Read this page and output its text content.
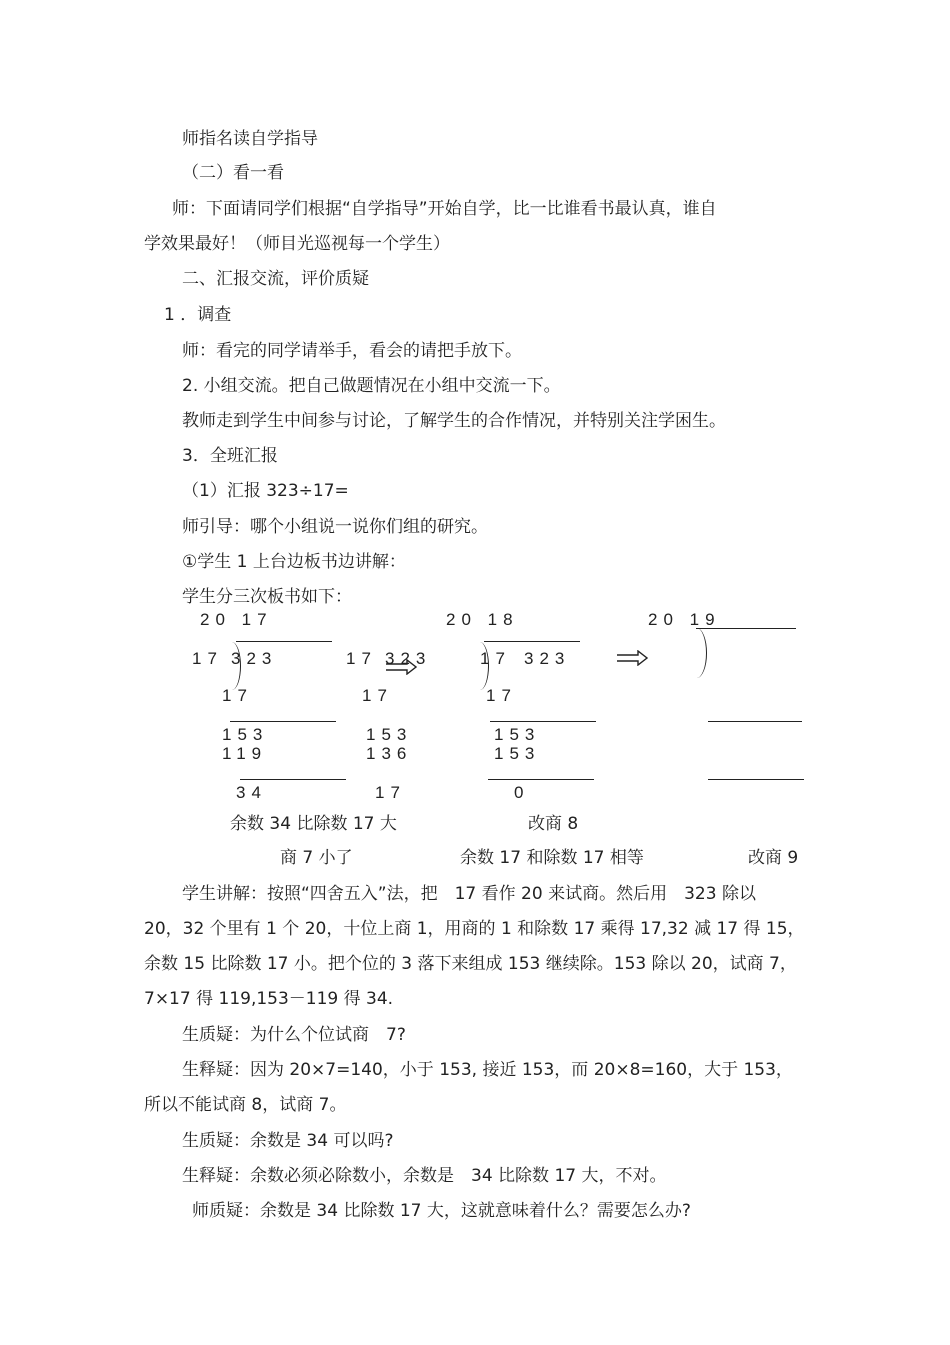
师指名读自学指导
（二）看一看
师：下面请同学们根据“自学指导”开始自学，比一比谁看书最认真，谁自
学效果最好！（师目光巡视每一个学生）
二、汇报交流，评价质疑
1 ．调查
师：看完的同学请举手，看会的请把手放下。
2. 小组交流。把自己做题情况在小组中交流一下。
教师走到学生中间参与讨论，了解学生的合作情况，并特别关注学困生。
3．全班汇报
（1）汇报 323÷17=
师引导：哪个小组说一说你们组的研究。
①学生 1 上台边板书边讲解：
学生分三次板书如下：
20 17
17 323
17
153
119
34
17 323
17
153
136
17
20 18
17 323
17
153
153
0
20 19
余数 34 比除数 17 大	改商 8
商 7 小了	余数 17 和除数 17 相等	改商 9
学生讲解：按照“四舍五入”法，把　17 看作 20 来试商。然后用　323 除以
20，32 个里有 1 个 20，十位上商 1，用商的 1 和除数 17 乘得 17,32 减 17 得 15，
余数 15 比除数 17 小。把个位的 3 落下来组成 153 继续除。153 除以 20，试商 7，
7×17 得 119,153－119 得 34.
生质疑：为什么个位试商　7?
生释疑：因为 20×7=140，小于 153, 接近 153，而 20×8=160，大于 153，
所以不能试商 8，试商 7。
生质疑：余数是 34 可以吗?
生释疑：余数必须必除数小，余数是　34 比除数 17 大，不对。
师质疑：余数是 34 比除数 17 大，这就意味着什么？需要怎么办?
